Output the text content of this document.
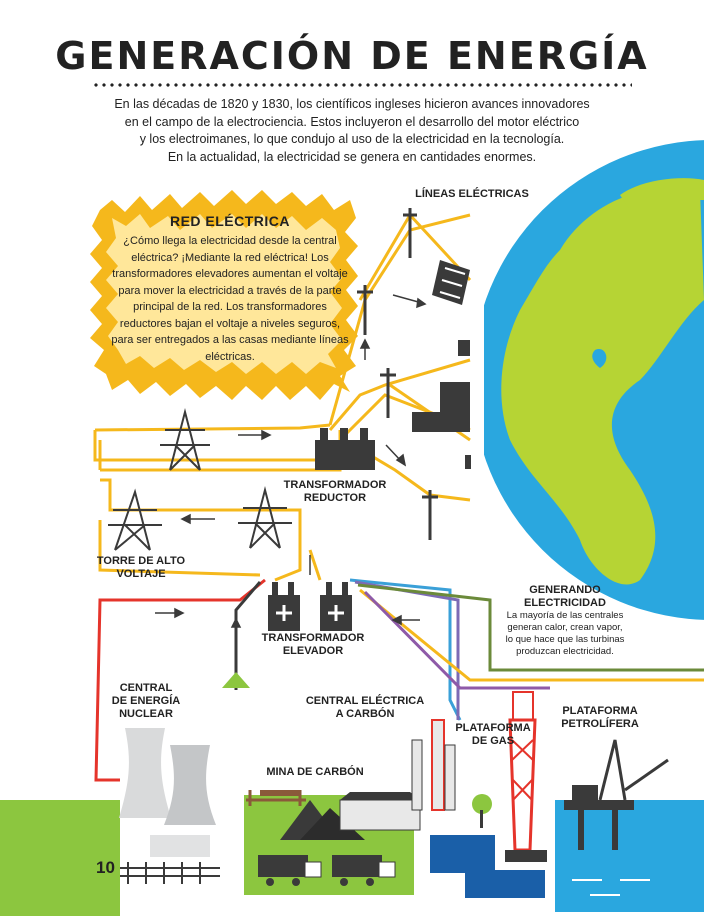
GENERACIÓN DE ENERGÍA
En las décadas de 1820 y 1830, los científicos ingleses hicieron avances innovadores
en el campo de la electrociencia. Estos incluyeron el desarrollo del motor eléctrico
y los electroimanes, lo que condujo al uso de la electricidad en la tecnología.
En la actualidad, la electricidad se genera en cantidades enormes.
RED ELÉCTRICA
¿Cómo llega la electricidad desde la central eléctrica? ¡Mediante la red eléctrica! Los transformadores elevadores aumentan el voltaje para mover la electricidad a través de la parte principal de la red. Los transformadores reductores bajan el voltaje a niveles seguros, para ser entregados a las casas mediante líneas eléctricas.
LÍNEAS ELÉCTRICAS
TRANSFORMADOR
REDUCTOR
TORRE DE ALTO
VOLTAJE
TRANSFORMADOR
ELEVADOR
CENTRAL
DE ENERGÍA
NUCLEAR
CENTRAL ELÉCTRICA
A CARBÓN
PLATAFORMA
DE GAS
PLATAFORMA
PETROLÍFERA
MINA DE CARBÓN
GENERANDO
ELECTRICIDAD
La mayoría de las centrales
generan calor, crean vapor,
lo que hace que las turbinas
produzcan electricidad.
10
